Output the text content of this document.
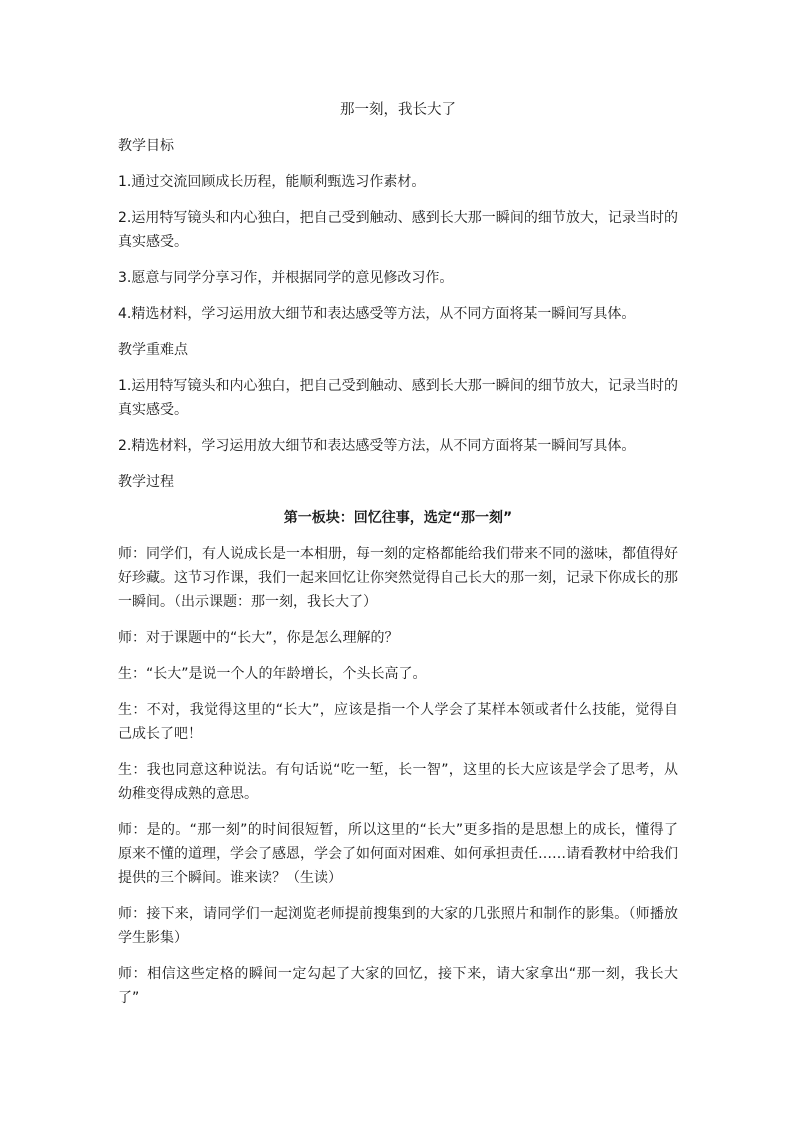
那一刻，我长大了

教学目标

1.通过交流回顾成长历程，能顺利甄选习作素材。

2.运用特写镜头和内心独白，把自己受到触动、感到长大那一瞬间的细节放大，记录当时的真实感受。

3.愿意与同学分享习作，并根据同学的意见修改习作。

4.精选材料，学习运用放大细节和表达感受等方法，从不同方面将某一瞬间写具体。

教学重难点

1.运用特写镜头和内心独白，把自己受到触动、感到长大那一瞬间的细节放大，记录当时的真实感受。

2.精选材料，学习运用放大细节和表达感受等方法，从不同方面将某一瞬间写具体。

教学过程

第一板块：回忆往事，选定“那一刻”

师：同学们，有人说成长是一本相册，每一刻的定格都能给我们带来不同的滋味，都值得好好珍藏。这节习作课，我们一起来回忆让你突然觉得自己长大的那一刻，记录下你成长的那一瞬间。（出示课题：那一刻，我长大了）

师：对于课题中的“长大”，你是怎么理解的？

生：“长大”是说一个人的年龄增长，个头长高了。

生：不对，我觉得这里的“长大”，应该是指一个人学会了某样本领或者什么技能，觉得自己成长了吧！

生：我也同意这种说法。有句话说“吃一堑，长一智”，这里的长大应该是学会了思考，从幼稚变得成熟的意思。

师：是的。“那一刻”的时间很短暂，所以这里的“长大”更多指的是思想上的成长，懂得了原来不懂的道理，学会了感恩，学会了如何面对困难、如何承担责任……请看教材中给我们提供的三个瞬间。谁来读？（生读）

师：接下来，请同学们一起浏览老师提前搜集到的大家的几张照片和制作的影集。（师播放学生影集）

师：相信这些定格的瞬间一定勾起了大家的回忆，接下来，请大家拿出“那一刻，我长大了”
